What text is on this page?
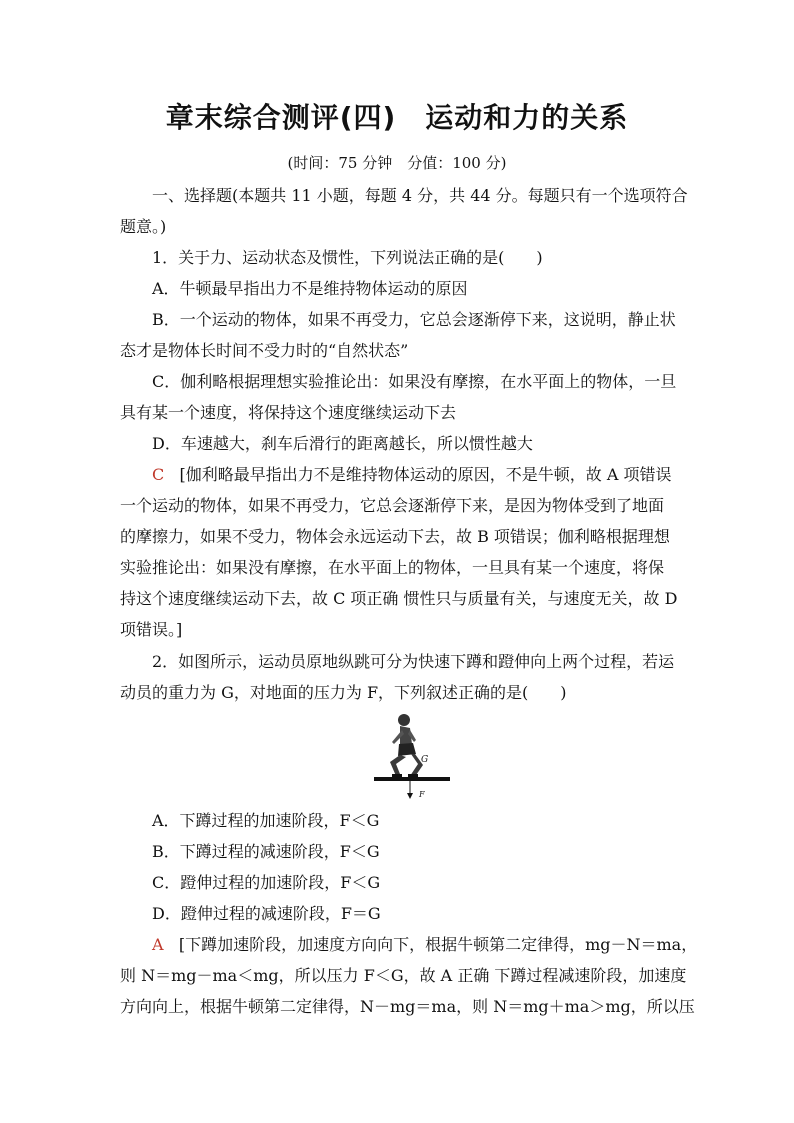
章末综合测评(四)　运动和力的关系
(时间：75 分钟　分值：100 分)
一、选择题(本题共 11 小题，每题 4 分，共 44 分。每题只有一个选项符合
题意。)
1．关于力、运动状态及惯性，下列说法正确的是(　　)
A．牛顿最早指出力不是维持物体运动的原因
B．一个运动的物体，如果不再受力，它总会逐渐停下来，这说明，静止状
态才是物体长时间不受力时的“自然状态”
C．伽利略根据理想实验推论出：如果没有摩擦，在水平面上的物体，一旦
具有某一个速度，将保持这个速度继续运动下去
D．车速越大，刹车后滑行的距离越长，所以惯性越大
C [伽利略最早指出力不是维持物体运动的原因，不是牛顿，故 A 项错误
一个运动的物体，如果不再受力，它总会逐渐停下来，是因为物体受到了地面
的摩擦力，如果不受力，物体会永远运动下去，故 B 项错误；伽利略根据理想
实验推论出：如果没有摩擦，在水平面上的物体，一旦具有某一个速度，将保
持这个速度继续运动下去，故 C 项正确 惯性只与质量有关，与速度无关，故 D
项错误。]
2．如图所示，运动员原地纵跳可分为快速下蹲和蹬伸向上两个过程，若运
动员的重力为 G，对地面的压力为 F，下列叙述正确的是(　　)
G
F
A．下蹲过程的加速阶段，F＜G
B．下蹲过程的减速阶段，F＜G
C．蹬伸过程的加速阶段，F＜G
D．蹬伸过程的减速阶段，F＝G
A [下蹲加速阶段，加速度方向向下，根据牛顿第二定律得，mg－N＝ma，
则 N＝mg－ma＜mg，所以压力 F＜G，故 A 正确 下蹲过程减速阶段，加速度
方向向上，根据牛顿第二定律得，N－mg＝ma，则 N＝mg＋ma＞mg，所以压
